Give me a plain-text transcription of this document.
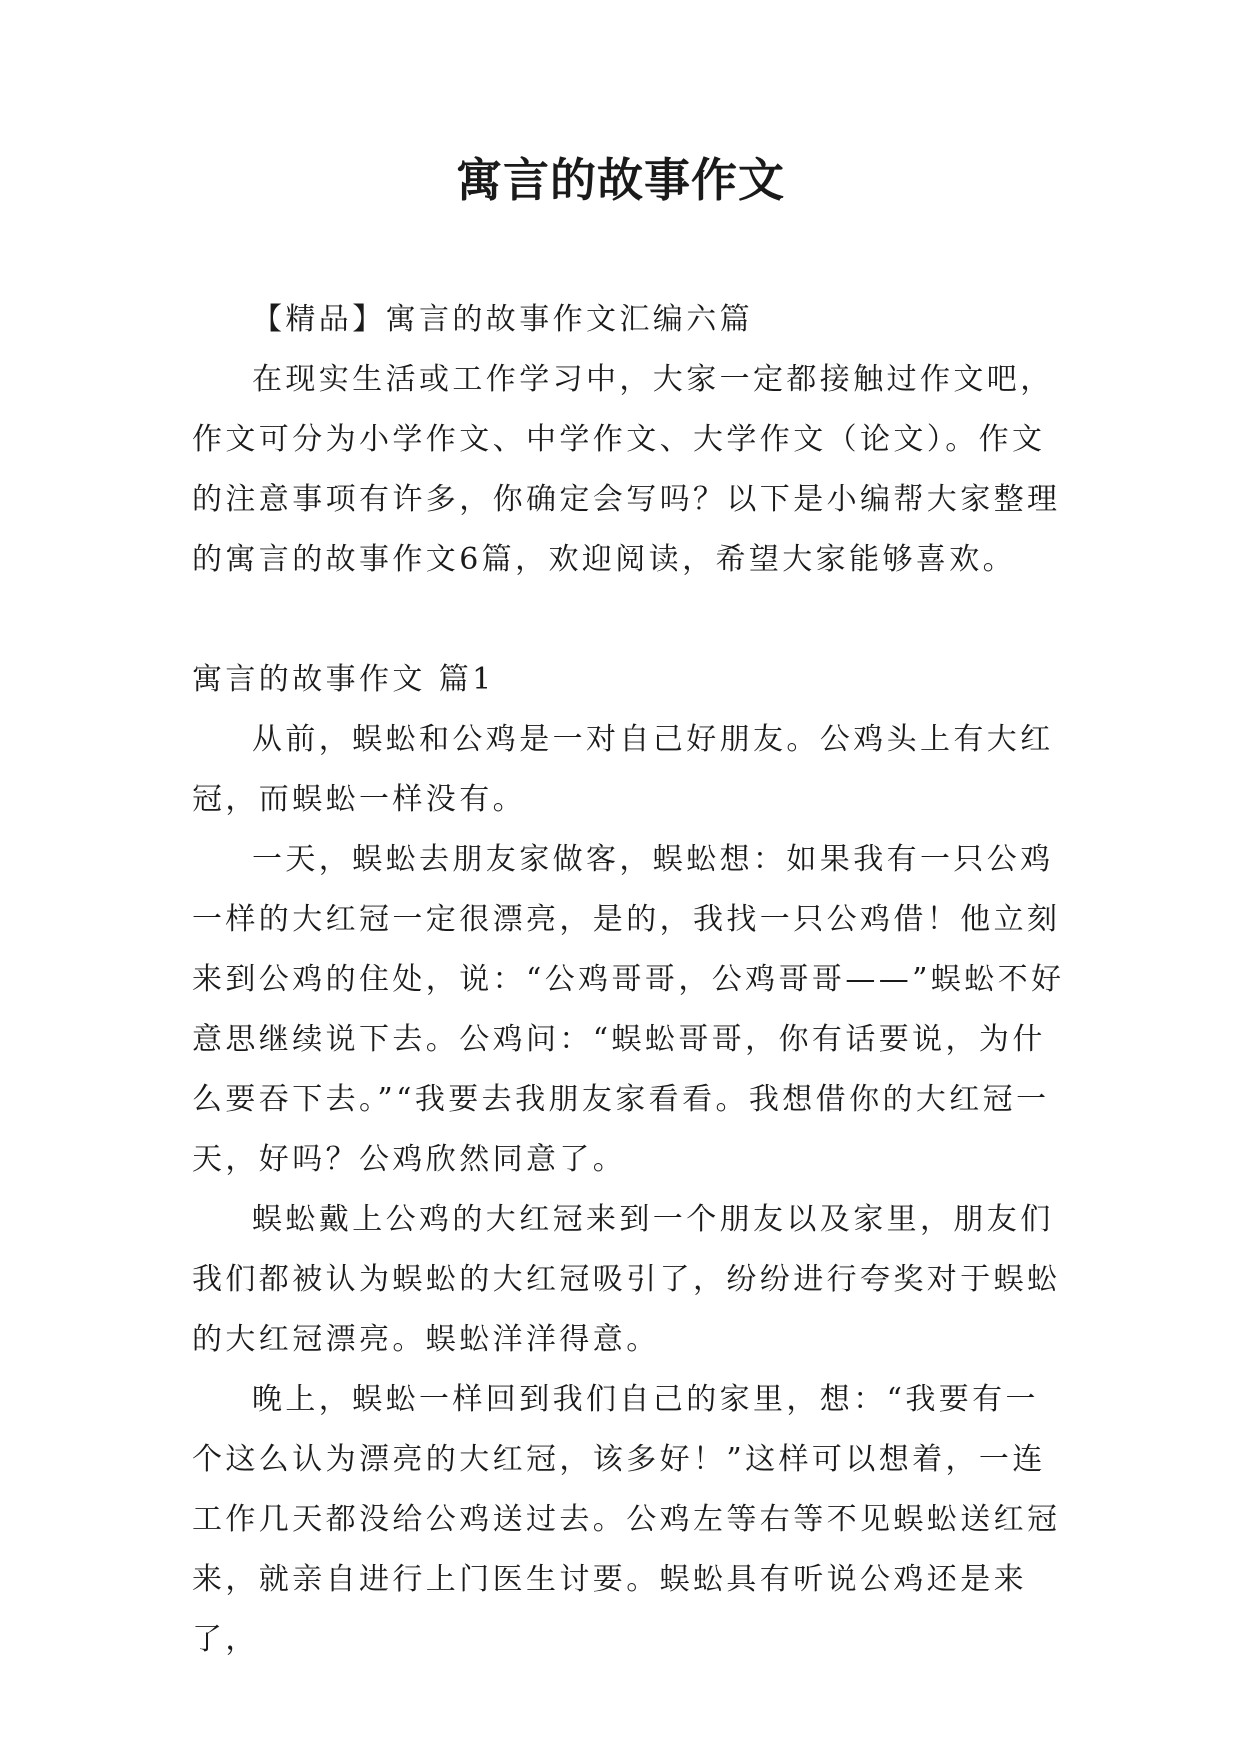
寓言的故事作文

【精品】寓言的故事作文汇编六篇

在现实生活或工作学习中，大家一定都接触过作文吧，作文可分为小学作文、中学作文、大学作文（论文）。作文的注意事项有许多，你确定会写吗？以下是小编帮大家整理的寓言的故事作文6篇，欢迎阅读，希望大家能够喜欢。

寓言的故事作文 篇1

从前，蜈蚣和公鸡是一对自己好朋友。公鸡头上有大红冠，而蜈蚣一样没有。

一天，蜈蚣去朋友家做客，蜈蚣想：如果我有一只公鸡一样的大红冠一定很漂亮，是的，我找一只公鸡借！他立刻来到公鸡的住处，说：“公鸡哥哥，公鸡哥哥——”蜈蚣不好意思继续说下去。公鸡问：“蜈蚣哥哥，你有话要说，为什么要吞下去。”“我要去我朋友家看看。我想借你的大红冠一天，好吗？公鸡欣然同意了。

蜈蚣戴上公鸡的大红冠来到一个朋友以及家里，朋友们我们都被认为蜈蚣的大红冠吸引了，纷纷进行夸奖对于蜈蚣的大红冠漂亮。蜈蚣洋洋得意。

晚上，蜈蚣一样回到我们自己的家里，想：“我要有一个这么认为漂亮的大红冠，该多好！”这样可以想着，一连工作几天都没给公鸡送过去。公鸡左等右等不见蜈蚣送红冠来，就亲自进行上门医生讨要。蜈蚣具有听说公鸡还是来了，
